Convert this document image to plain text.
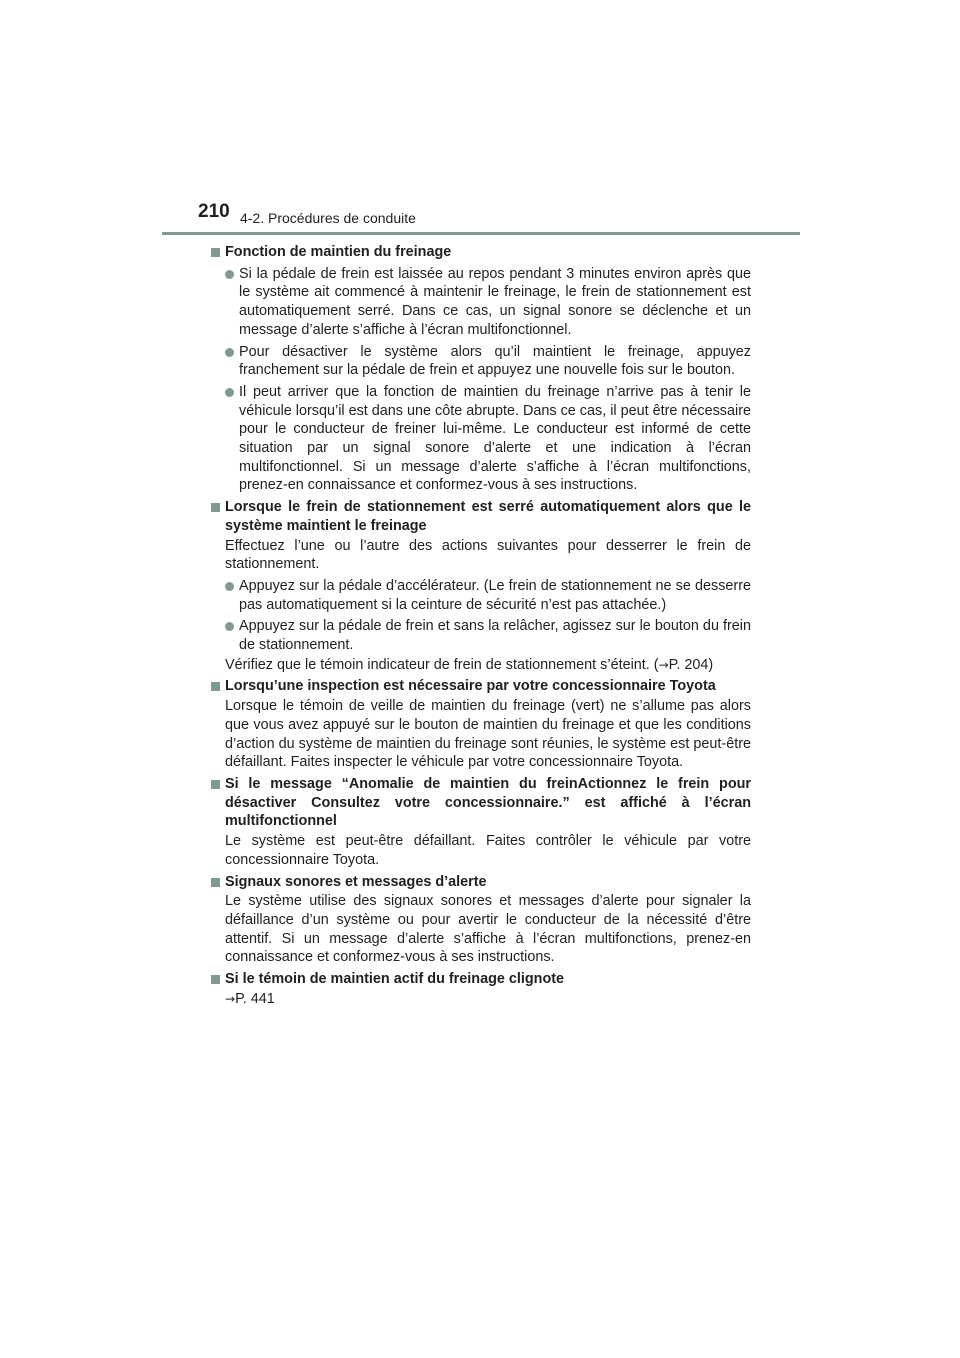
210 4-2. Procédures de conduite
Fonction de maintien du freinage
Si la pédale de frein est laissée au repos pendant 3 minutes environ après que le système ait commencé à maintenir le freinage, le frein de stationnement est automatiquement serré. Dans ce cas, un signal sonore se déclenche et un message d’alerte s’affiche à l’écran multifonctionnel.
Pour désactiver le système alors qu’il maintient le freinage, appuyez franchement sur la pédale de frein et appuyez une nouvelle fois sur le bouton.
Il peut arriver que la fonction de maintien du freinage n’arrive pas à tenir le véhicule lorsqu’il est dans une côte abrupte. Dans ce cas, il peut être nécessaire pour le conducteur de freiner lui-même. Le conducteur est informé de cette situation par un signal sonore d’alerte et une indication à l’écran multifonctionnel. Si un message d’alerte s’affiche à l’écran multifonctions, prenez-en connaissance et conformez-vous à ses instructions.
Lorsque le frein de stationnement est serré automatiquement alors que le système maintient le freinage
Effectuez l’une ou l’autre des actions suivantes pour desserrer le frein de stationnement.
Appuyez sur la pédale d’accélérateur. (Le frein de stationnement ne se desserre pas automatiquement si la ceinture de sécurité n’est pas attachée.)
Appuyez sur la pédale de frein et sans la relâcher, agissez sur le bouton du frein de stationnement.
Vérifiez que le témoin indicateur de frein de stationnement s’éteint. (→P. 204)
Lorsqu’une inspection est nécessaire par votre concessionnaire Toyota
Lorsque le témoin de veille de maintien du freinage (vert) ne s’allume pas alors que vous avez appuyé sur le bouton de maintien du freinage et que les conditions d’action du système de maintien du freinage sont réunies, le système est peut-être défaillant. Faites inspecter le véhicule par votre concessionnaire Toyota.
Si le message “Anomalie de maintien du freinActionnez le frein pour désactiver Consultez votre concessionnaire.” est affiché à l’écran multifonctionnel
Le système est peut-être défaillant. Faites contrôler le véhicule par votre concessionnaire Toyota.
Signaux sonores et messages d’alerte
Le système utilise des signaux sonores et messages d’alerte pour signaler la défaillance d’un système ou pour avertir le conducteur de la nécessité d’être attentif. Si un message d’alerte s’affiche à l’écran multifonctions, prenez-en connaissance et conformez-vous à ses instructions.
Si le témoin de maintien actif du freinage clignote
→P. 441
